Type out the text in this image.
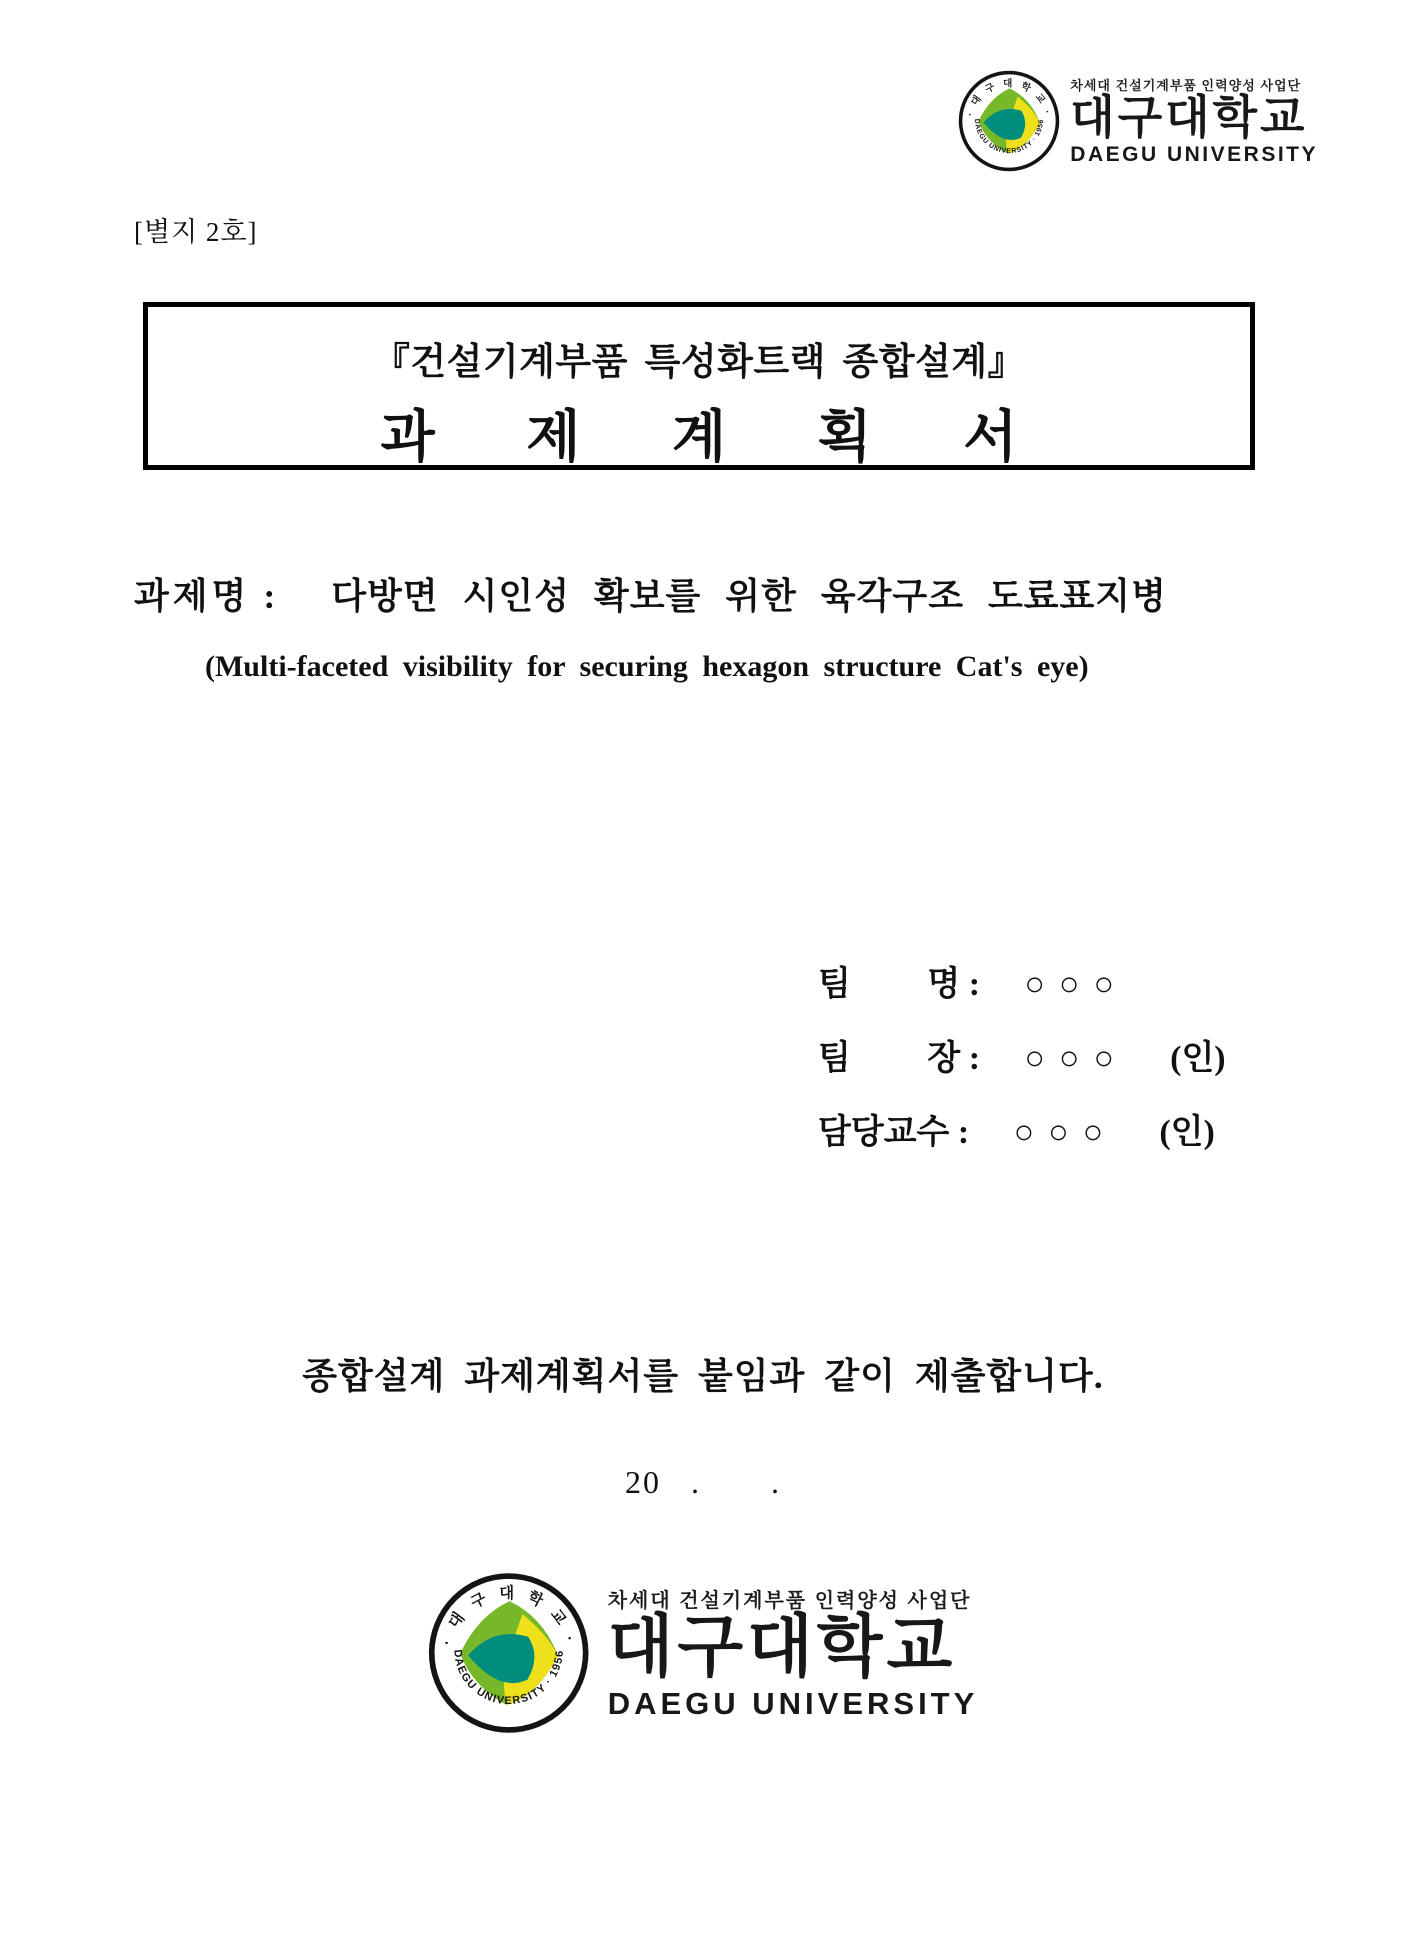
차세대 건설기계부품 인력양성 사업단
대구대학교
DAEGU UNIVERSITY
[별지 2호]
『건설기계부품 특성화트랙 종합설계』
과 제 계 획 서
과제명 : 다방면 시인성 확보를 위한 육각구조 도료표지병
(Multi-faceted visibility for securing hexagon structure Cat's eye)
팀         명 : ○○○
팀         장 : ○○○ (인)
담당교수 : ○○○ (인)
종합설계 과제계획서를 붙임과 같이 제출합니다.
20   .       .
차세대 건설기계부품 인력양성 사업단
대구대학교
DAEGU UNIVERSITY
